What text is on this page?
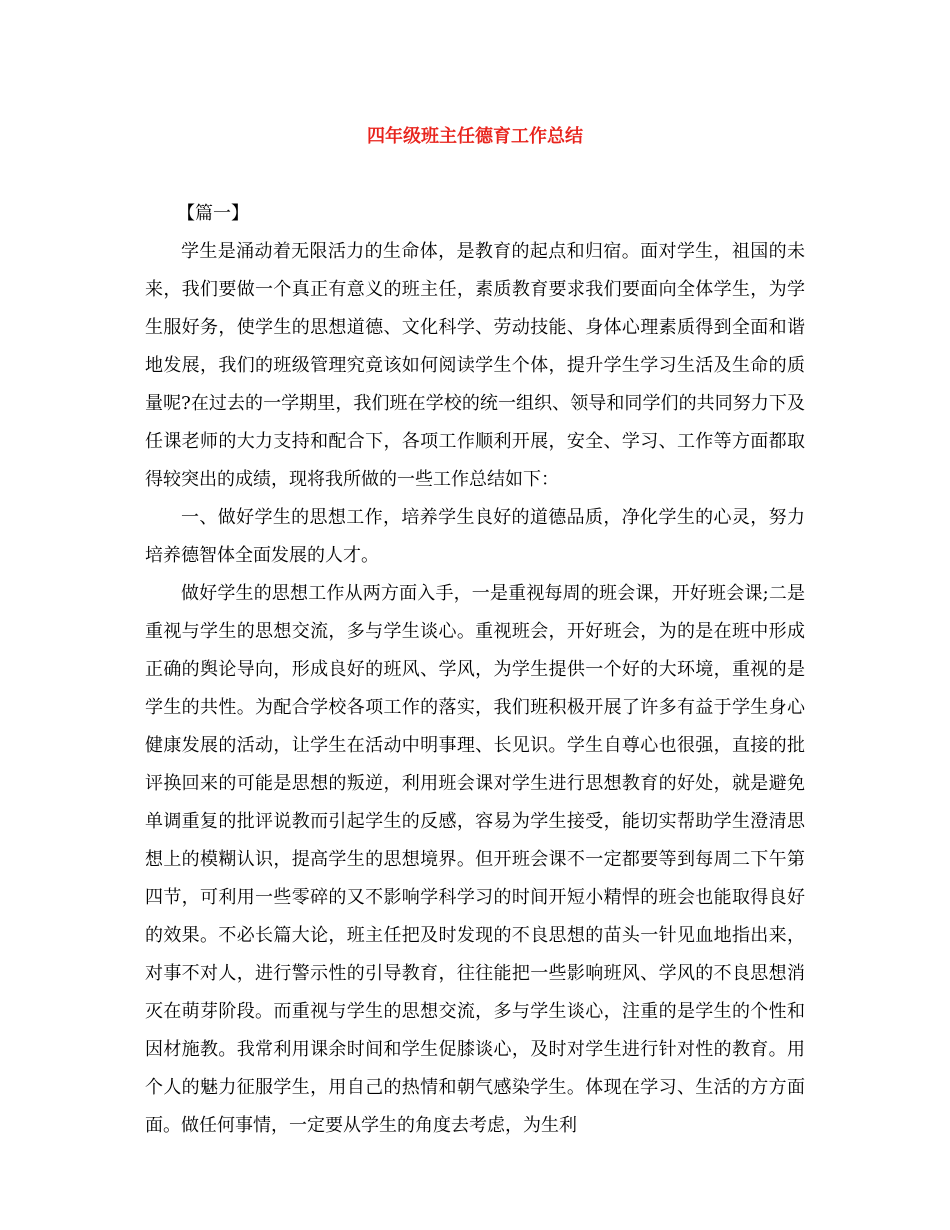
四年级班主任德育工作总结

【篇一】

学生是涌动着无限活力的生命体，是教育的起点和归宿。面对学生，祖国的未来，我们要做一个真正有意义的班主任，素质教育要求我们要面向全体学生，为学生服好务，使学生的思想道德、文化科学、劳动技能、身体心理素质得到全面和谐地发展，我们的班级管理究竟该如何阅读学生个体，提升学生学习生活及生命的质量呢?在过去的一学期里，我们班在学校的统一组织、领导和同学们的共同努力下及任课老师的大力支持和配合下，各项工作顺利开展，安全、学习、工作等方面都取得较突出的成绩，现将我所做的一些工作总结如下：

一、做好学生的思想工作，培养学生良好的道德品质，净化学生的心灵，努力培养德智体全面发展的人才。

做好学生的思想工作从两方面入手，一是重视每周的班会课，开好班会课;二是重视与学生的思想交流，多与学生谈心。重视班会，开好班会，为的是在班中形成正确的舆论导向，形成良好的班风、学风，为学生提供一个好的大环境，重视的是学生的共性。为配合学校各项工作的落实，我们班积极开展了许多有益于学生身心健康发展的活动，让学生在活动中明事理、长见识。学生自尊心也很强，直接的批评换回来的可能是思想的叛逆，利用班会课对学生进行思想教育的好处，就是避免单调重复的批评说教而引起学生的反感，容易为学生接受，能切实帮助学生澄清思想上的模糊认识，提高学生的思想境界。但开班会课不一定都要等到每周二下午第四节，可利用一些零碎的又不影响学科学习的时间开短小精悍的班会也能取得良好的效果。不必长篇大论，班主任把及时发现的不良思想的苗头一针见血地指出来，对事不对人，进行警示性的引导教育，往往能把一些影响班风、学风的不良思想消灭在萌芽阶段。而重视与学生的思想交流，多与学生谈心，注重的是学生的个性和因材施教。我常利用课余时间和学生促膝谈心，及时对学生进行针对性的教育。用个人的魅力征服学生，用自己的热情和朝气感染学生。体现在学习、生活的方方面面。做任何事情，一定要从学生的角度去考虑，为生利
